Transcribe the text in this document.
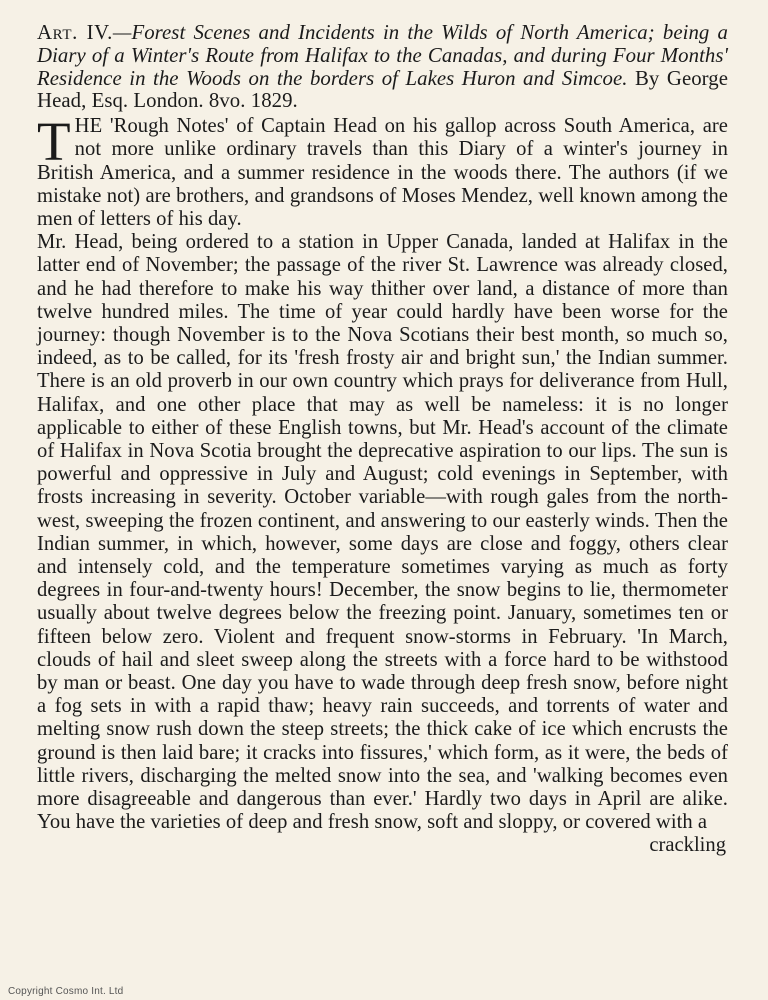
Art. IV.—Forest Scenes and Incidents in the Wilds of North America; being a Diary of a Winter's Route from Halifax to the Canadas, and during Four Months' Residence in the Woods on the borders of Lakes Huron and Simcoe. By George Head, Esq. London. 8vo. 1829.

THE 'Rough Notes' of Captain Head on his gallop across South America, are not more unlike ordinary travels than this Diary of a winter's journey in British America, and a summer residence in the woods there. The authors (if we mistake not) are brothers, and grandsons of Moses Mendez, well known among the men of letters of his day.

Mr. Head, being ordered to a station in Upper Canada, landed at Halifax in the latter end of November; the passage of the river St. Lawrence was already closed, and he had therefore to make his way thither over land, a distance of more than twelve hundred miles. The time of year could hardly have been worse for the journey: though November is to the Nova Scotians their best month, so much so, indeed, as to be called, for its 'fresh frosty air and bright sun,' the Indian summer. There is an old proverb in our own country which prays for deliverance from Hull, Halifax, and one other place that may as well be nameless: it is no longer applicable to either of these English towns, but Mr. Head's account of the climate of Halifax in Nova Scotia brought the deprecative aspiration to our lips. The sun is powerful and oppressive in July and August; cold evenings in September, with frosts increasing in severity. October variable—with rough gales from the north-west, sweeping the frozen continent, and answering to our easterly winds. Then the Indian summer, in which, however, some days are close and foggy, others clear and intensely cold, and the temperature sometimes varying as much as forty degrees in four-and-twenty hours! December, the snow begins to lie, thermometer usually about twelve degrees below the freezing point. January, sometimes ten or fifteen below zero. Violent and frequent snow-storms in February. 'In March, clouds of hail and sleet sweep along the streets with a force hard to be withstood by man or beast. One day you have to wade through deep fresh snow, before night a fog sets in with a rapid thaw; heavy rain succeeds, and torrents of water and melting snow rush down the steep streets; the thick cake of ice which encrusts the ground is then laid bare; it cracks into fissures,' which form, as it were, the beds of little rivers, discharging the melted snow into the sea, and 'walking becomes even more disagreeable and dangerous than ever.' Hardly two days in April are alike. You have the varieties of deep and fresh snow, soft and sloppy, or covered with a

crackling
Copyright Cosmo Int. Ltd
